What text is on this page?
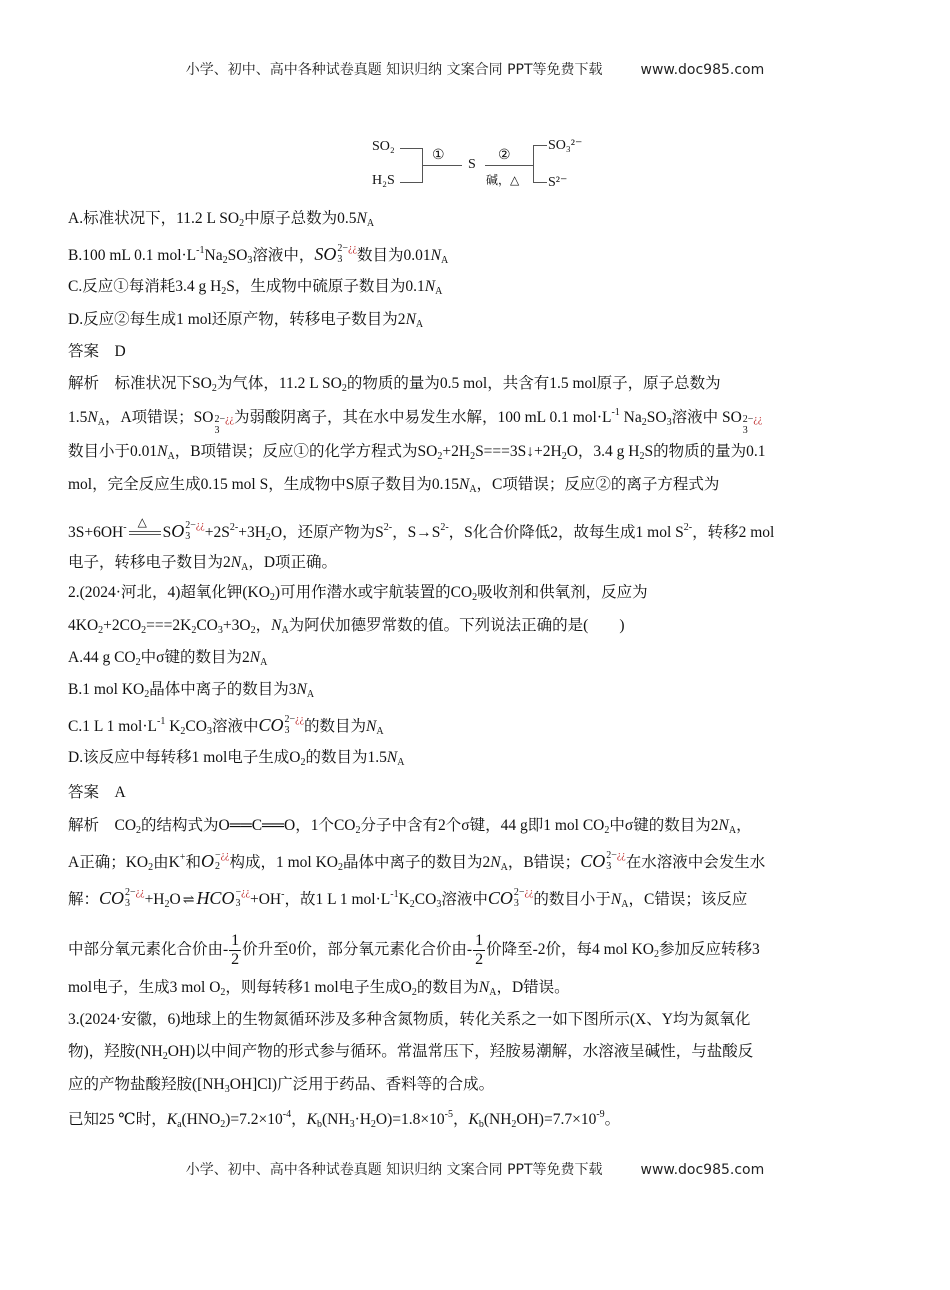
小学、初中、高中各种试卷真题 知识归纳 文案合同 PPT等免费下载	www.doc985.com
SO₂
H₂S
①
S
②
碱，△
SO₃²⁻
S²⁻
A.标准状况下，11.2 L $SO_2$中原子总数为$0.5N_A$
B.100 mL 0.1 $mol\cdot L^{-1}Na_2SO_3$溶液中，SO 3
2−¿¿ 数目为$0.01N_A$
C.反应①每消耗3.4 g $H_2S$，生成物中硫原子数目为$0.1N_A$
D.反应②每生成1 mol还原产物，转移电子数目为$2N_A$
答案　D
解析　标准状况下$SO_2$为气体，11.2 L $SO_2$的物质的量为0.5 mol，共含有1.5 mol原子，原子总数为
$1.5N_A$，A项错误；SO
3
2−¿¿ 为弱酸阴离子，其在水中易发生水解，100 mL 0.1 $mol\cdot L^{-1}$ $Na_2SO_3$溶液中 SO
3
2−¿¿
数目小于$0.01N_A$，B项错误；反应①的化学方程式为$SO_2+2H_2S===3S↓+2H_2O$，3.4 g $H_2S$的物质的量为0.1
mol，完全反应生成0.15 mol S，生成物中S原子数目为$0.15N_A$，C项错误；反应②的离子方程式为
3S+6OH- △
SO 3
2−¿¿ $+2S^{2-}+3H_2O$，还原产物为$S^{2-}$，$S\to S^{2-}$，S化合价降低2，故每生成1 mol $S^{2-}$，转移2 mol
电子，转移电子数目为$2N_A$，D项正确。
2.(2024·河北，4)超氧化钾$(KO_2)$可用作潜水或宇航装置的$CO_2$吸收剂和供氧剂，反应为
$4KO_2+2CO_2===2K_2CO_3+3O_2$，$N_A$为阿伏加德罗常数的值。下列说法正确的是(　　)
A.44 g $CO_2$中σ键的数目为$2N_A$
B.1 mol $KO_2$晶体中离子的数目为$3N_A$
C.1 L 1 $mol\cdot L^{-1}$ $K_2CO_3$溶液中CO 3
2−¿¿ 的数目为$N_A$
D.该反应中每转移1 mol电子生成$O_2$的数目为$1.5N_A$
答案　A
解析　$CO_2$的结构式为O══C══O，1个$CO_2$分子中含有2个σ键，44 g即1 mol $CO_2$中σ键的数目为$2N_A$，
A正确；$KO_2$由K+和O 2
−¿¿ 构成，1 mol $KO_2$晶体中离子的数目为$2N_A$，B错误；CO 3
2−¿¿ 在水溶液中会发生水
解：CO 3
2−¿¿ $+H_2O$ ⇌ HCO 3
−¿¿ +OH-，故1 L 1 $mol\cdot L^{-1}K_2CO_3$溶液中CO 3
2−¿¿ 的数目小于$N_A$，C错误；该反应
中部分氧元素化合价由- $\frac{1}{2}$ 价升至0价，部分氧元素化合价由- $\frac{1}{2}$ 价降至-2价，每4 mol $KO_2$参加反应转移3
mol电子，生成3 mol $O_2$，则每转移1 mol电子生成$O_2$的数目为$N_A$，D错误。
3.(2024·安徽，6)地球上的生物氮循环涉及多种含氮物质，转化关系之一如下图所示(X、Y均为氮氧化
物)，羟胺$(NH_2OH)$以中间产物的形式参与循环。常温常压下，羟胺易潮解，水溶液呈碱性，与盐酸反
应的产物盐酸羟胺$([NH_3OH]Cl)$广泛用于药品、香料等的合成。
已知25 ℃时，$K_a(HNO_2)=7.2\times 10^{-4}$，$K_b(NH_3\cdot H_2O)=1.8\times 10^{-5}$，$K_b(NH_2OH)=7.7\times 10^{-9}$。
小学、初中、高中各种试卷真题 知识归纳 文案合同 PPT等免费下载	www.doc985.com
